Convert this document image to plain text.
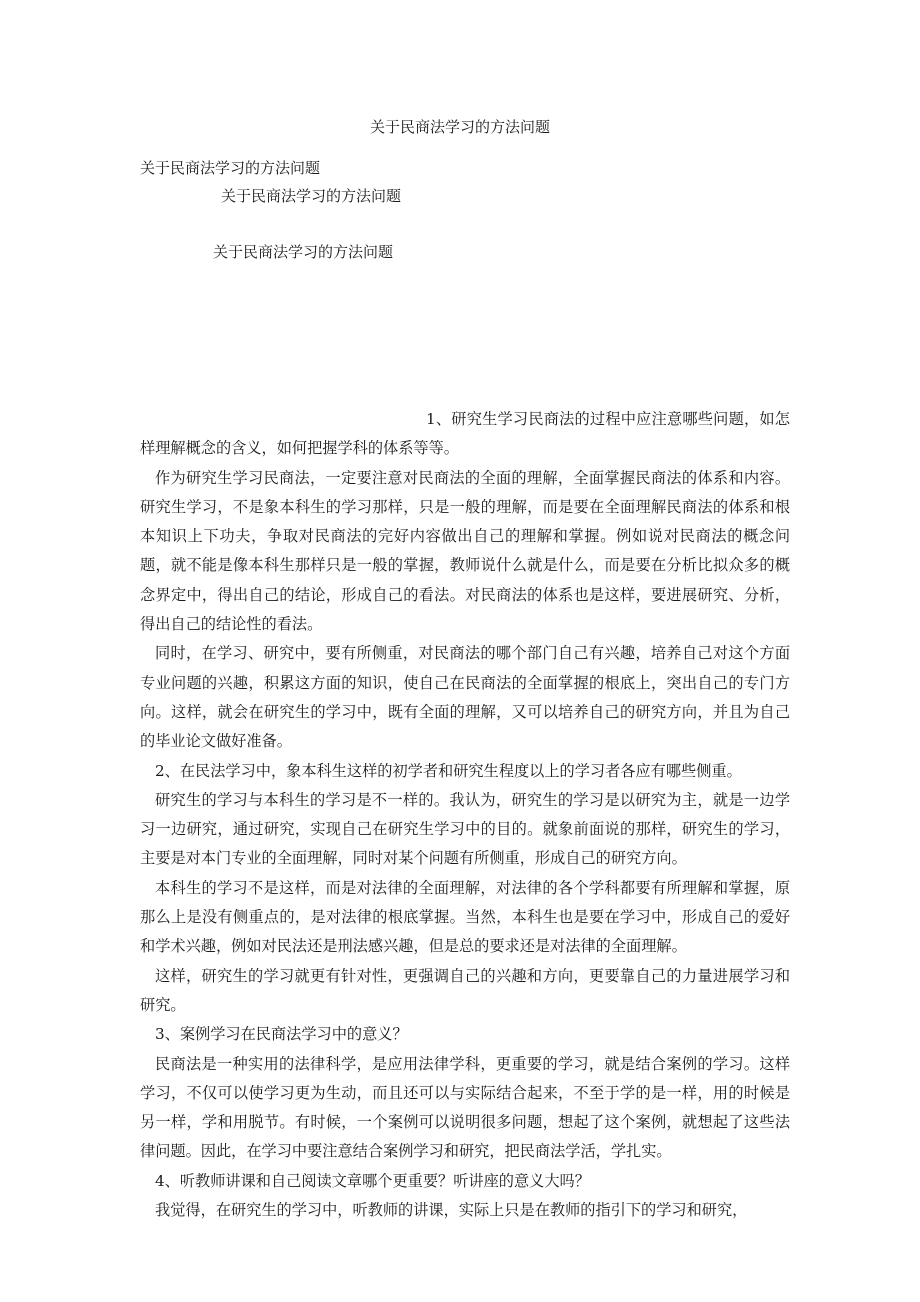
关于民商法学习的方法问题
关于民商法学习的方法问题
关于民商法学习的方法问题
关于民商法学习的方法问题

1、研究生学习民商法的过程中应注意哪些问题，如怎样理解概念的含义，如何把握学科的体系等等。

作为研究生学习民商法，一定要注意对民商法的全面的理解，全面掌握民商法的体系和内容。研究生学习，不是象本科生的学习那样，只是一般的理解，而是要在全面理解民商法的体系和根本知识上下功夫，争取对民商法的完好内容做出自己的理解和掌握。例如说对民商法的概念问题，就不能是像本科生那样只是一般的掌握，教师说什么就是什么，而是要在分析比拟众多的概念界定中，得出自己的结论，形成自己的看法。对民商法的体系也是这样，要进展研究、分析，得出自己的结论性的看法。

同时，在学习、研究中，要有所侧重，对民商法的哪个部门自己有兴趣，培养自己对这个方面专业问题的兴趣，积累这方面的知识，使自己在民商法的全面掌握的根底上，突出自己的专门方向。这样，就会在研究生的学习中，既有全面的理解，又可以培养自己的研究方向，并且为自己的毕业论文做好准备。

2、在民法学习中，象本科生这样的初学者和研究生程度以上的学习者各应有哪些侧重。

研究生的学习与本科生的学习是不一样的。我认为，研究生的学习是以研究为主，就是一边学习一边研究，通过研究，实现自己在研究生学习中的目的。就象前面说的那样，研究生的学习，主要是对本门专业的全面理解，同时对某个问题有所侧重，形成自己的研究方向。

本科生的学习不是这样，而是对法律的全面理解，对法律的各个学科都要有所理解和掌握，原那么上是没有侧重点的，是对法律的根底掌握。当然，本科生也是要在学习中，形成自己的爱好和学术兴趣，例如对民法还是刑法感兴趣，但是总的要求还是对法律的全面理解。

这样，研究生的学习就更有针对性，更强调自己的兴趣和方向，更要靠自己的力量进展学习和研究。

3、案例学习在民商法学习中的意义？

民商法是一种实用的法律科学，是应用法律学科，更重要的学习，就是结合案例的学习。这样学习，不仅可以使学习更为生动，而且还可以与实际结合起来，不至于学的是一样，用的时候是另一样，学和用脱节。有时候，一个案例可以说明很多问题，想起了这个案例，就想起了这些法律问题。因此，在学习中要注意结合案例学习和研究，把民商法学活，学扎实。

4、听教师讲课和自己阅读文章哪个更重要？听讲座的意义大吗？

我觉得，在研究生的学习中，听教师的讲课，实际上只是在教师的指引下的学习和研究，
